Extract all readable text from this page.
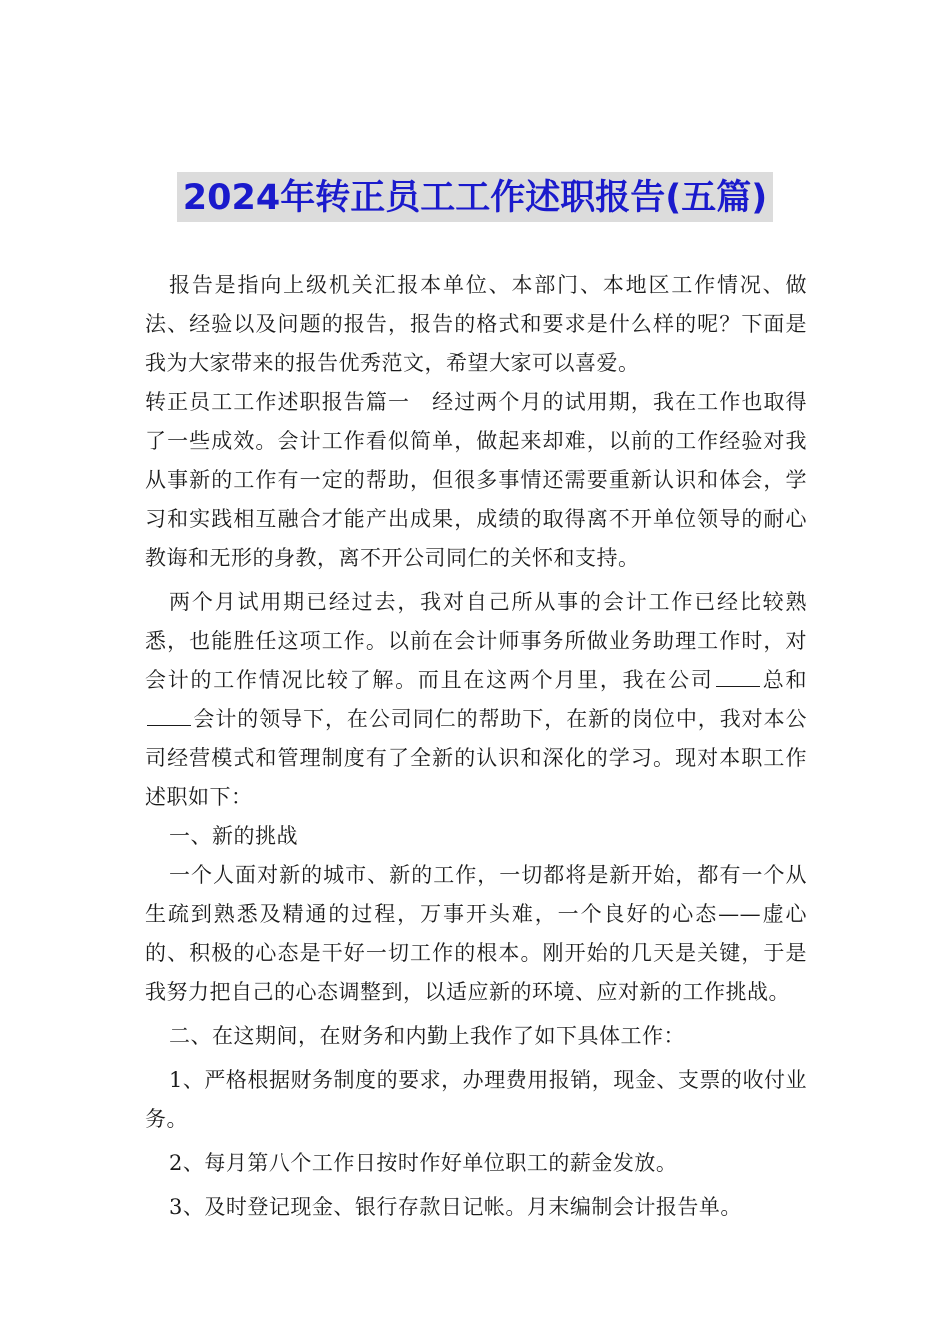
2024年转正员工工作述职报告(五篇)

报告是指向上级机关汇报本单位、本部门、本地区工作情况、做法、经验以及问题的报告，报告的格式和要求是什么样的呢？下面是我为大家带来的报告优秀范文，希望大家可以喜爱。

转正员工工作述职报告篇一　经过两个月的试用期，我在工作也取得了一些成效。会计工作看似简单，做起来却难，以前的工作经验对我从事新的工作有一定的帮助，但很多事情还需要重新认识和体会，学习和实践相互融合才能产出成果，成绩的取得离不开单位领导的耐心教诲和无形的身教，离不开公司同仁的关怀和支持。

两个月试用期已经过去，我对自己所从事的会计工作已经比较熟悉，也能胜任这项工作。以前在会计师事务所做业务助理工作时，对会计的工作情况比较了解。而且在这两个月里，我在公司 总和会计的领导下，在公司同仁的帮助下，在新的岗位中，我对本公司经营模式和管理制度有了全新的认识和深化的学习。现对本职工作述职如下：

一、新的挑战

一个人面对新的城市、新的工作，一切都将是新开始，都有一个从生疏到熟悉及精通的过程，万事开头难，一个良好的心态——虚心的、积极的心态是干好一切工作的根本。刚开始的几天是关键，于是我努力把自己的心态调整到，以适应新的环境、应对新的工作挑战。

二、在这期间，在财务和内勤上我作了如下具体工作：

1、严格根据财务制度的要求，办理费用报销，现金、支票的收付业务。

2、每月第八个工作日按时作好单位职工的薪金发放。

3、及时登记现金、银行存款日记帐。月末编制会计报告单。
